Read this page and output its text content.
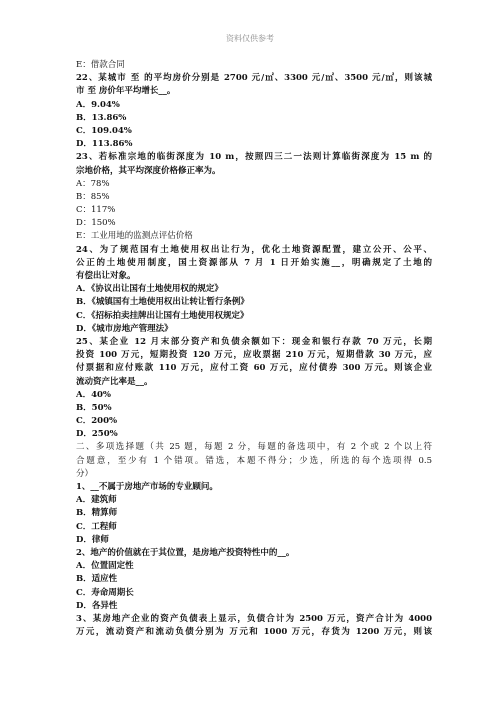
资料仅供参考
E：借款合同
22、某城市 至 的平均房价分别是 2700 元/㎡、3300 元/㎡、3500 元/㎡，则该城
市 至 房价年平均增长__。
A．9.04%
B．13.86%
C．109.04%
D．113.86%
23、若标准宗地的临街深度为 10 m，按照四三二一法则计算临街深度为 15 m 的
宗地价格，其平均深度价格修正率为。
A：78%
B：85%
C：117%
D：150%
E：工业用地的监测点评估价格
24、为了规范国有土地使用权出让行为，优化土地资源配置，建立公开、公平、
公正的土地使用制度，国土资源部从 7 月 1 日开始实施__，明确规定了土地的
有偿出让对象。
A．《协议出让国有土地使用权的规定》
B．《城镇国有土地使用权出让转让暂行条例》
C．《招标拍卖挂牌出让国有土地使用权规定》
D．《城市房地产管理法》
25、某企业 12 月末部分资产和负债余额如下：现金和银行存款 70 万元，长期
投资 100 万元，短期投资 120 万元，应收票据 210 万元，短期借款 30 万元，应
付票据和应付账款 110 万元，应付工资 60 万元，应付债券 300 万元。则该企业
流动资产比率是__。
A．40%
B．50%
C．200%
D．250%
二、多项选择题（共 25 题，每题 2 分，每题的备选项中，有 2 个或 2 个以上符
合题意，至少有 1 个错项。错选，本题不得分；少选，所选的每个选项得 0.5
分）
1、__不属于房地产市场的专业顾问。
A．建筑师
B．精算师
C．工程师
D．律师
2、地产的价值就在于其位置，是房地产投资特性中的__。
A．位置固定性
B．适应性
C．寿命周期长
D．各异性
3、某房地产企业的资产负债表上显示，负债合计为 2500 万元，资产合计为 4000
万元，流动资产和流动负债分别为 万元和 1000 万元，存货为 1200 万元，则该
